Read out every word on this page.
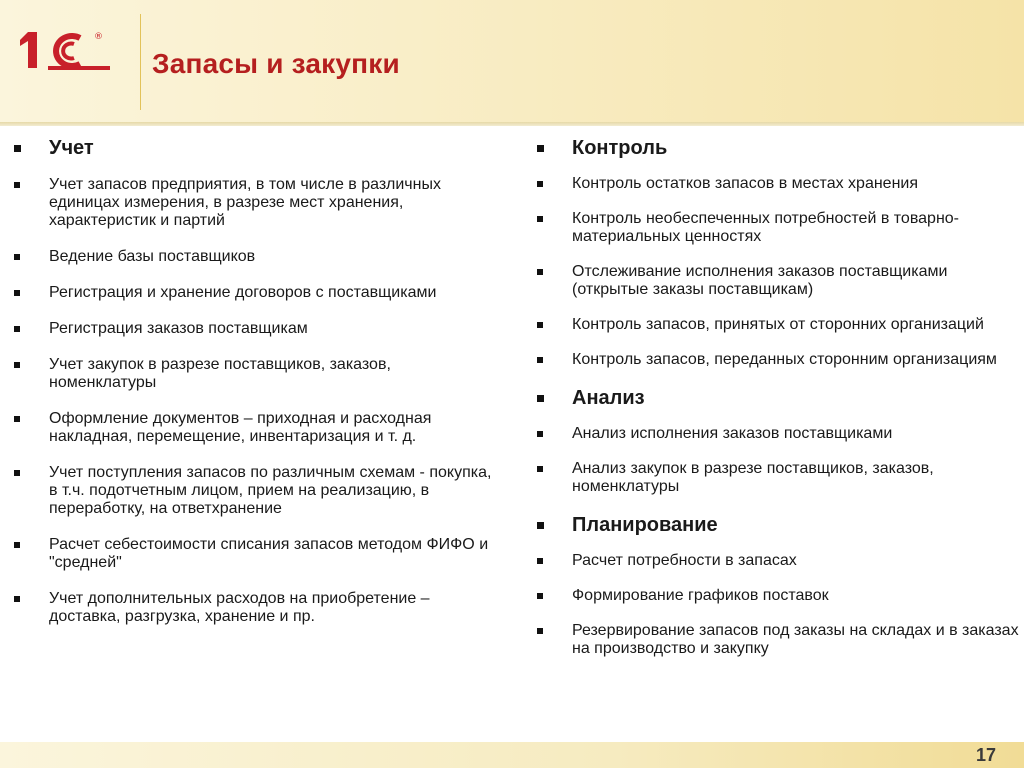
®
Запасы и закупки
Учет
Учет запасов предприятия, в том числе в различных единицах измерения, в разрезе мест хранения, характеристик и партий
Ведение базы поставщиков
Регистрация и хранение договоров с поставщиками
Регистрация заказов поставщикам
Учет закупок в разрезе поставщиков, заказов, номенклатуры
Оформление документов – приходная и расходная накладная, перемещение, инвентаризация и т. д.
Учет поступления запасов по различным схемам - покупка, в т.ч. подотчетным лицом, прием на реализацию, в переработку, на ответхранение
Расчет себестоимости списания запасов методом ФИФО и "средней"
Учет дополнительных расходов на приобретение – доставка, разгрузка, хранение и пр.
Контроль
Контроль остатков запасов в местах хранения
Контроль необеспеченных потребностей в товарно-материальных ценностях
Отслеживание исполнения заказов поставщиками (открытые заказы поставщикам)
Контроль запасов, принятых от сторонних организаций
Контроль запасов, переданных сторонним организациям
Анализ
Анализ исполнения заказов поставщиками
Анализ закупок в разрезе поставщиков, заказов, номенклатуры
Планирование
Расчет потребности в запасах
Формирование графиков поставок
Резервирование запасов под заказы на складах и в заказах на производство и закупку
17
